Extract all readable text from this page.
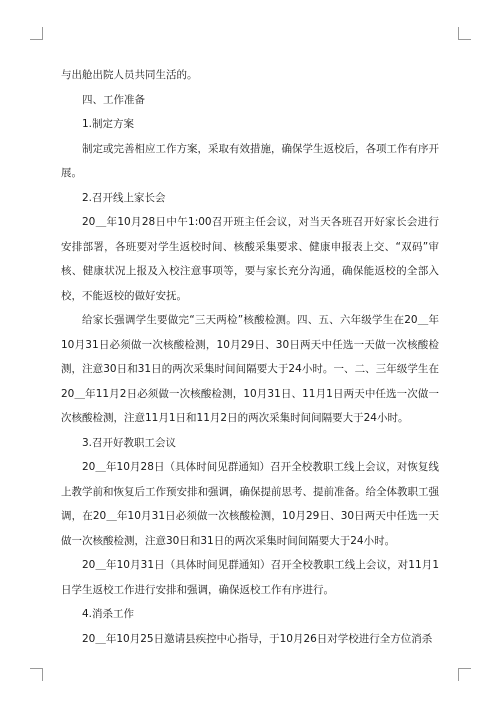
与出舱出院人员共同生活的。

四、工作准备

1.制定方案

制定或完善相应工作方案，采取有效措施，确保学生返校后，各项工作有序开展。

2.召开线上家长会

20＿年10月28日中午1:00召开班主任会议，对当天各班召开好家长会进行安排部署，各班要对学生返校时间、核酸采集要求、健康申报表上交、“双码”审核、健康状况上报及入校注意事项等，要与家长充分沟通，确保能返校的全部入校，不能返校的做好安抚。

给家长强调学生要做完“三天两检”核酸检测。四、五、六年级学生在20＿年10月31日必须做一次核酸检测，10月29日、30日两天中任选一天做一次核酸检测，注意30日和31日的两次采集时间间隔要大于24小时。一、二、三年级学生在20＿年11月2日必须做一次核酸检测，10月31日、11月1日两天中任选一次做一次核酸检测，注意11月1日和11月2日的两次采集时间间隔要大于24小时。

3.召开好教职工会议

20＿年10月28日（具体时间见群通知）召开全校教职工线上会议，对恢复线上教学前和恢复后工作预安排和强调，确保提前思考、提前准备。给全体教职工强调，在20＿年10月31日必须做一次核酸检测，10月29日、30日两天中任选一天做一次核酸检测，注意30日和31日的两次采集时间间隔要大于24小时。

20＿年10月31日（具体时间见群通知）召开全校教职工线上会议，对11月1日学生返校工作进行安排和强调，确保返校工作有序进行。

4.消杀工作

20＿年10月25日邀请县疾控中心指导，于10月26日对学校进行全方位消杀
